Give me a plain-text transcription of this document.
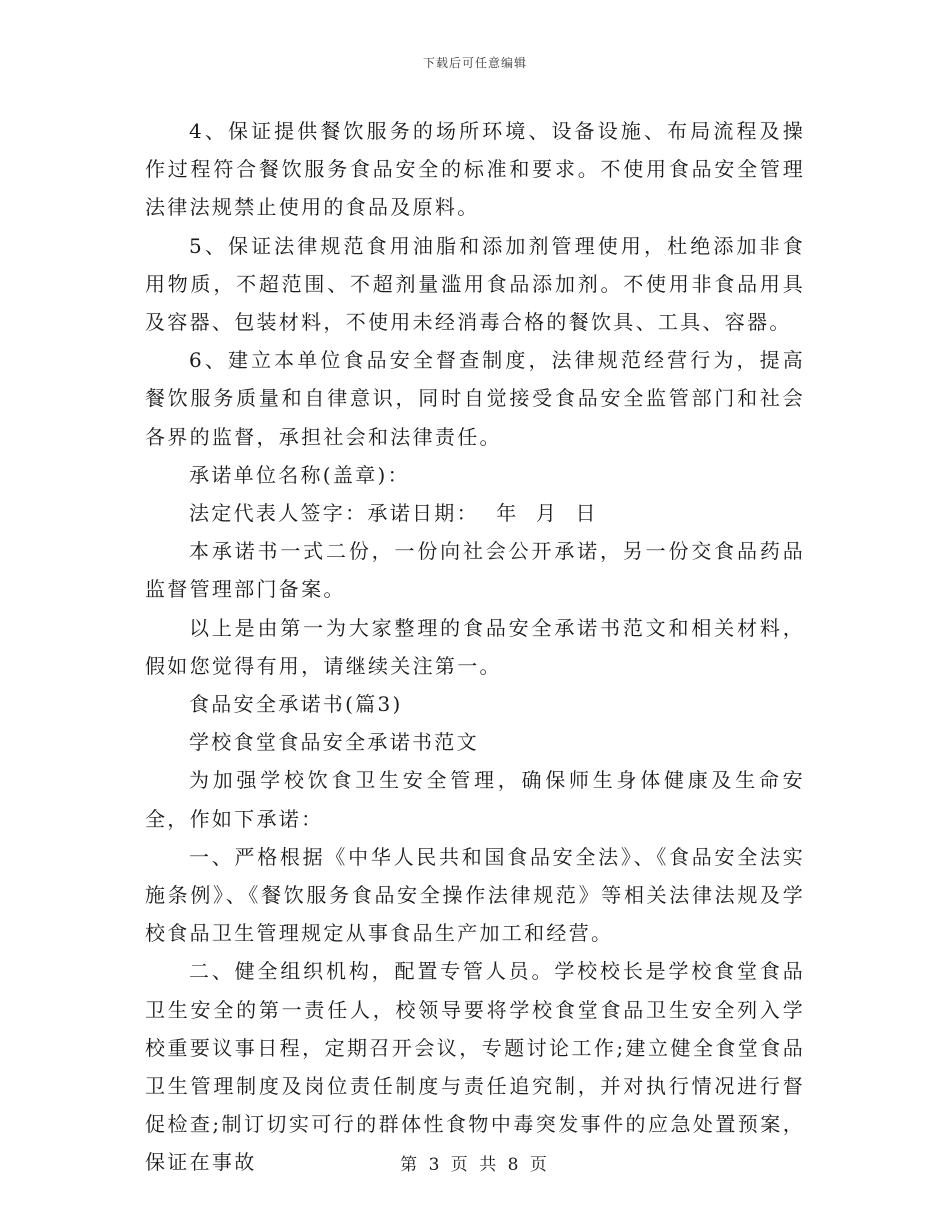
下载后可任意编辑

4、保证提供餐饮服务的场所环境、设备设施、布局流程及操作过程符合餐饮服务食品安全的标准和要求。不使用食品安全管理法律法规禁止使用的食品及原料。

5、保证法律规范食用油脂和添加剂管理使用，杜绝添加非食用物质，不超范围、不超剂量滥用食品添加剂。不使用非食品用具及容器、包装材料，不使用未经消毒合格的餐饮具、工具、容器。

6、建立本单位食品安全督查制度，法律规范经营行为，提高餐饮服务质量和自律意识，同时自觉接受食品安全监管部门和社会各界的监督，承担社会和法律责任。

承诺单位名称(盖章)：

法定代表人签字：承诺日期：  年  月  日

本承诺书一式二份，一份向社会公开承诺，另一份交食品药品监督管理部门备案。

以上是由第一为大家整理的食品安全承诺书范文和相关材料，假如您觉得有用，请继续关注第一。

食品安全承诺书(篇3)

学校食堂食品安全承诺书范文

为加强学校饮食卫生安全管理，确保师生身体健康及生命安全，作如下承诺：

一、严格根据《中华人民共和国食品安全法》、《食品安全法实施条例》、《餐饮服务食品安全操作法律规范》等相关法律法规及学校食品卫生管理规定从事食品生产加工和经营。

二、健全组织机构，配置专管人员。学校校长是学校食堂食品卫生安全的第一责任人，校领导要将学校食堂食品卫生安全列入学校重要议事日程，定期召开会议，专题讨论工作;建立健全食堂食品卫生管理制度及岗位责任制度与责任追究制，并对执行情况进行督促检查;制订切实可行的群体性食物中毒突发事件的应急处置预案，保证在事故	第 3 页 共 8 页
